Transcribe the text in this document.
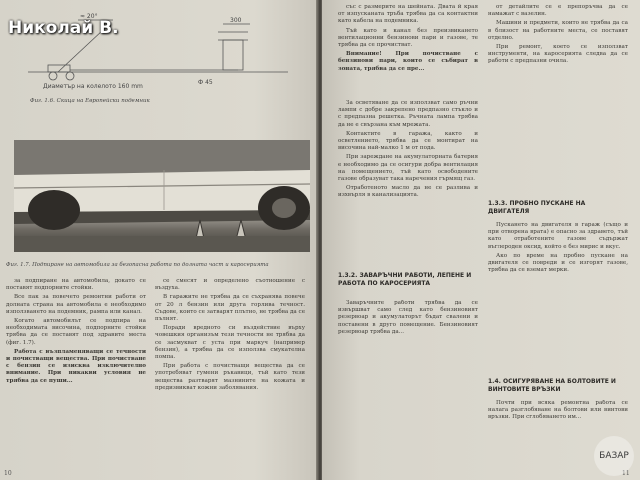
≈ 20°
300
Диаметър на колелото 160 mm
Ф 45
Фиг. 1.6. Скица на Европейски подемник
Фиг. 1.7. Подпиране на автомобила за безопасна работа по долната част и каросерията

за подпиране на автомобила, докато се поставят подпорните стойки.

Все пак за повечето ремонтни работи от долната страна на автомобила е необходимо използването на подемник, рампа или канал.

Когато автомобилът се подпира на необходимата височина, подпорните стойки трябва да се поставят под здравите места (фиг. 1.7).

Работа с възпламеняващи се течности и почистващи вещества. При почистване с бензин се изисква изключително внимание. При никакви условия не трябва да се пуши...

се смесят и определено съотношение с въздуха.

В гаражите не трябва да се съхранява повече от 20 л бензин или друга горлива течност. Съдове, които се затварят плътно, не трябва да се пълнят.

Поради вредното си въздействие върху човешкия организъм тези течности не трябва да се засмукват с уста при маркуч (например бензин), а трябва да се използва смукателна помпа.

При работа с почистващи вещества да се употребяват гумени ръкавици, тъй като тези вещества разтварят мазнините на кожата и предизвикват кожни заболявания.

10

със с размерите на шейната. Двата й края от изпусканата тръба трябва да са контактни като кабела на подемника.

Тъй като и канал без преизвикането вентилационни бензинови пари и газове, те трябва да се прочистват.

Внимание! При почистване с бензинови пари, които се събират в зоната, трябва да се пре...

За осветяване да се използват само ръчни лампи с добре закрепено предпазно стъкло и с предпазна решетка. Ръчната лампа трябва да не е свързана към мрежата.

Контактите в гаража, както и осветлението, трябва да се монтират на височина най-малко 1 м от пода.

При зареждане на акумулаторната батерия е необходимо да се осигури добра вентилация на помещението, тъй като освободените газове образуват така наречения гърмящ газ.

Отработеното масло да не се разлива и изхвърля в канализацията.

1.3.2. ЗАВАРЪЧНИ РАБОТИ, ЛЕПЕНЕ И РАБОТА ПО КАРОСЕРИЯТА

Заваръчните работи трябва да се извършват само след като бензиновият резервоар и акумулаторът бъдат свалени и поставени в друго помещение. Бензиновият резервоар трябва да...

от детайлите се е препоръчва да се намажат с вазелин.

Машини и предмети, които не трябва да са в близост на работните места, се поставят отделно.

При ремонт, което се използват инструменти, на каросерията следва да се работи с предпазни очила.

1.3.3. ПРОБНО ПУСКАНЕ НА ДВИГАТЕЛЯ

Пускането на двигателя в гараж (също и при отворена врата) е опасно за здравето, тъй като отработените газове съдържат въглероден оксид, който е без мирис и вкус.

Ако по време на пробно пускане на двигателя се повреди и се изгорят газове, трябва да се вземат мерки.

1.4. ОСИГУРЯВАНЕ НА БОЛТОВИТЕ И ВИНТОВИТЕ ВРЪЗКИ

Почти при всяка ремонтна работа се налага разглобяване на болтови или винтови връзки. При сглобяването им...

11
Николай В.
БАЗАР
